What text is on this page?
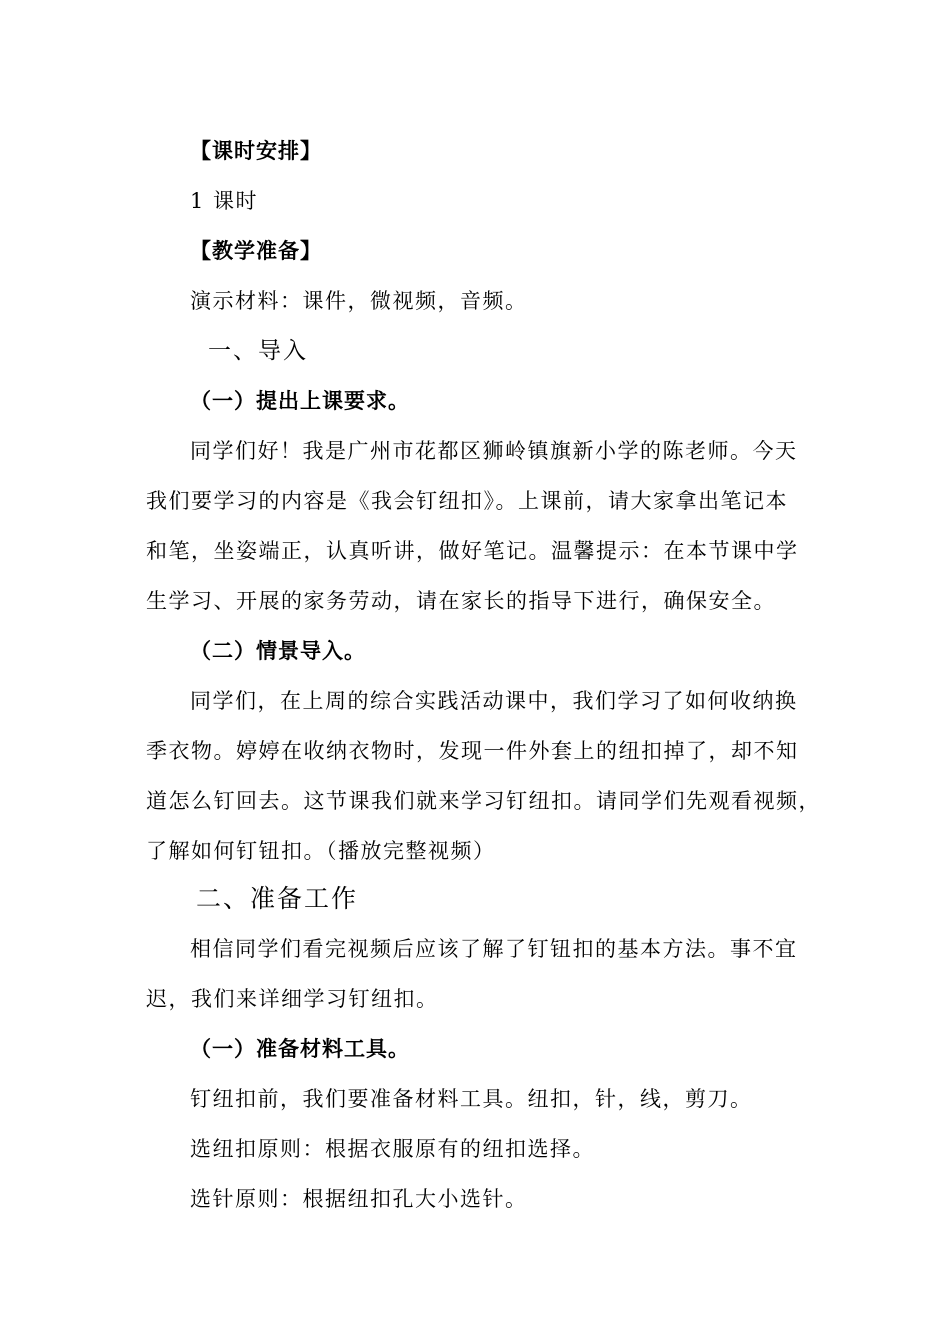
【课时安排】
1 课时
【教学准备】
演示材料：课件，微视频，音频。
一、导入
（一）提出上课要求。
同学们好！我是广州市花都区狮岭镇旗新小学的陈老师。今天
我们要学习的内容是《我会钉纽扣》。上课前，请大家拿出笔记本
和笔，坐姿端正，认真听讲，做好笔记。温馨提示：在本节课中学
生学习、开展的家务劳动，请在家长的指导下进行，确保安全。
（二）情景导入。
同学们，在上周的综合实践活动课中，我们学习了如何收纳换
季衣物。婷婷在收纳衣物时，发现一件外套上的纽扣掉了，却不知
道怎么钉回去。这节课我们就来学习钉纽扣。请同学们先观看视频，
了解如何钉钮扣。（播放完整视频）
二、准备工作
相信同学们看完视频后应该了解了钉钮扣的基本方法。事不宜
迟，我们来详细学习钉纽扣。
（一）准备材料工具。
钉纽扣前，我们要准备材料工具。纽扣，针，线，剪刀。
选纽扣原则：根据衣服原有的纽扣选择。
选针原则：根据纽扣孔大小选针。
